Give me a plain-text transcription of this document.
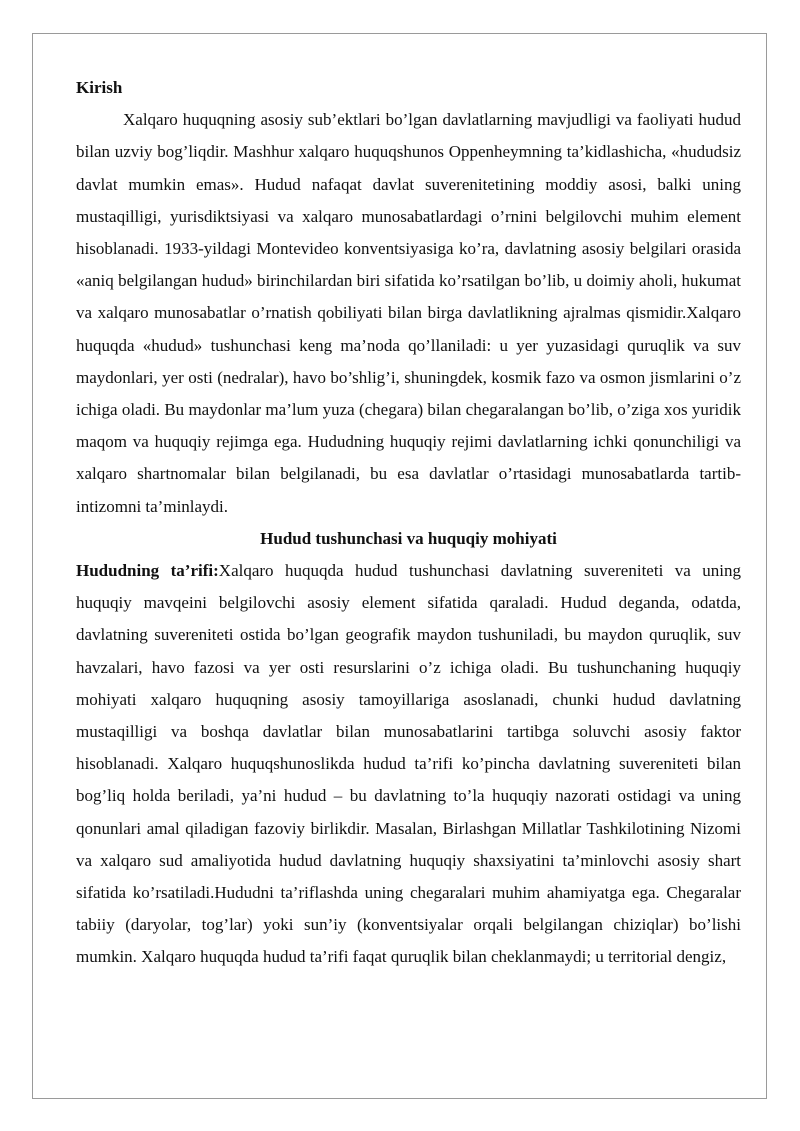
Kirish

Xalqaro huquqning asosiy sub’ektlari bo’lgan davlatlarning mavjudligi va faoliyati hudud bilan uzviy bog’liqdir. Mashhur xalqaro huquqshunos Oppenheymning ta’kidlashicha, «hududsiz davlat mumkin emas». Hudud nafaqat davlat suverenitetining moddiy asosi, balki uning mustaqilligi, yurisdiktsiyasi va xalqaro munosabatlardagi o’rnini belgilovchi muhim element hisoblanadi. 1933-yildagi Montevideo konventsiyasiga ko’ra, davlatning asosiy belgilari orasida «aniq belgilangan hudud» birinchilardan biri sifatida ko’rsatilgan bo’lib, u doimiy aholi, hukumat va xalqaro munosabatlar o’rnatish qobiliyati bilan birga davlatlikning ajralmas qismidir.Xalqaro huquqda «hudud» tushunchasi keng ma’noda qo’llaniladi: u yer yuzasidagi quruqlik va suv maydonlari, yer osti (nedralar), havo bo’shlig’i, shuningdek, kosmik fazo va osmon jismlarini o’z ichiga oladi. Bu maydonlar ma’lum yuza (chegara) bilan chegaralangan bo’lib, o’ziga xos yuridik maqom va huquqiy rejimga ega. Hududning huquqiy rejimi davlatlarning ichki qonunchiligi va xalqaro shartnomalar bilan belgilanadi, bu esa davlatlar o’rtasidagi munosabatlarda tartib-intizomni ta’minlaydi.

Hudud tushunchasi va huquqiy mohiyati

Hududning ta’rifi:Xalqaro huquqda hudud tushunchasi davlatning suvereniteti va uning huquqiy mavqeini belgilovchi asosiy element sifatida qaraladi. Hudud deganda, odatda, davlatning suvereniteti ostida bo’lgan geografik maydon tushuniladi, bu maydon quruqlik, suv havzalari, havo fazosi va yer osti resurslarini o’z ichiga oladi. Bu tushunchaning huquqiy mohiyati xalqaro huquqning asosiy tamoyillariga asoslanadi, chunki hudud davlatning mustaqilligi va boshqa davlatlar bilan munosabatlarini tartibga soluvchi asosiy faktor hisoblanadi. Xalqaro huquqshunoslikda hudud ta’rifi ko’pincha davlatning suvereniteti bilan bog’liq holda beriladi, ya’ni hudud – bu davlatning to’la huquqiy nazorati ostidagi va uning qonunlari amal qiladigan fazoviy birlikdir. Masalan, Birlashgan Millatlar Tashkilotining Nizomi va xalqaro sud amaliyotida hudud davlatning huquqiy shaxsiyatini ta’minlovchi asosiy shart sifatida ko’rsatiladi.Hududni ta’riflashda uning chegaralari muhim ahamiyatga ega. Chegaralar tabiiy (daryolar, tog’lar) yoki sun’iy (konventsiyalar orqali belgilangan chiziqlar) bo’lishi mumkin. Xalqaro huquqda hudud ta’rifi faqat quruqlik bilan cheklanmaydi; u territorial dengiz,
